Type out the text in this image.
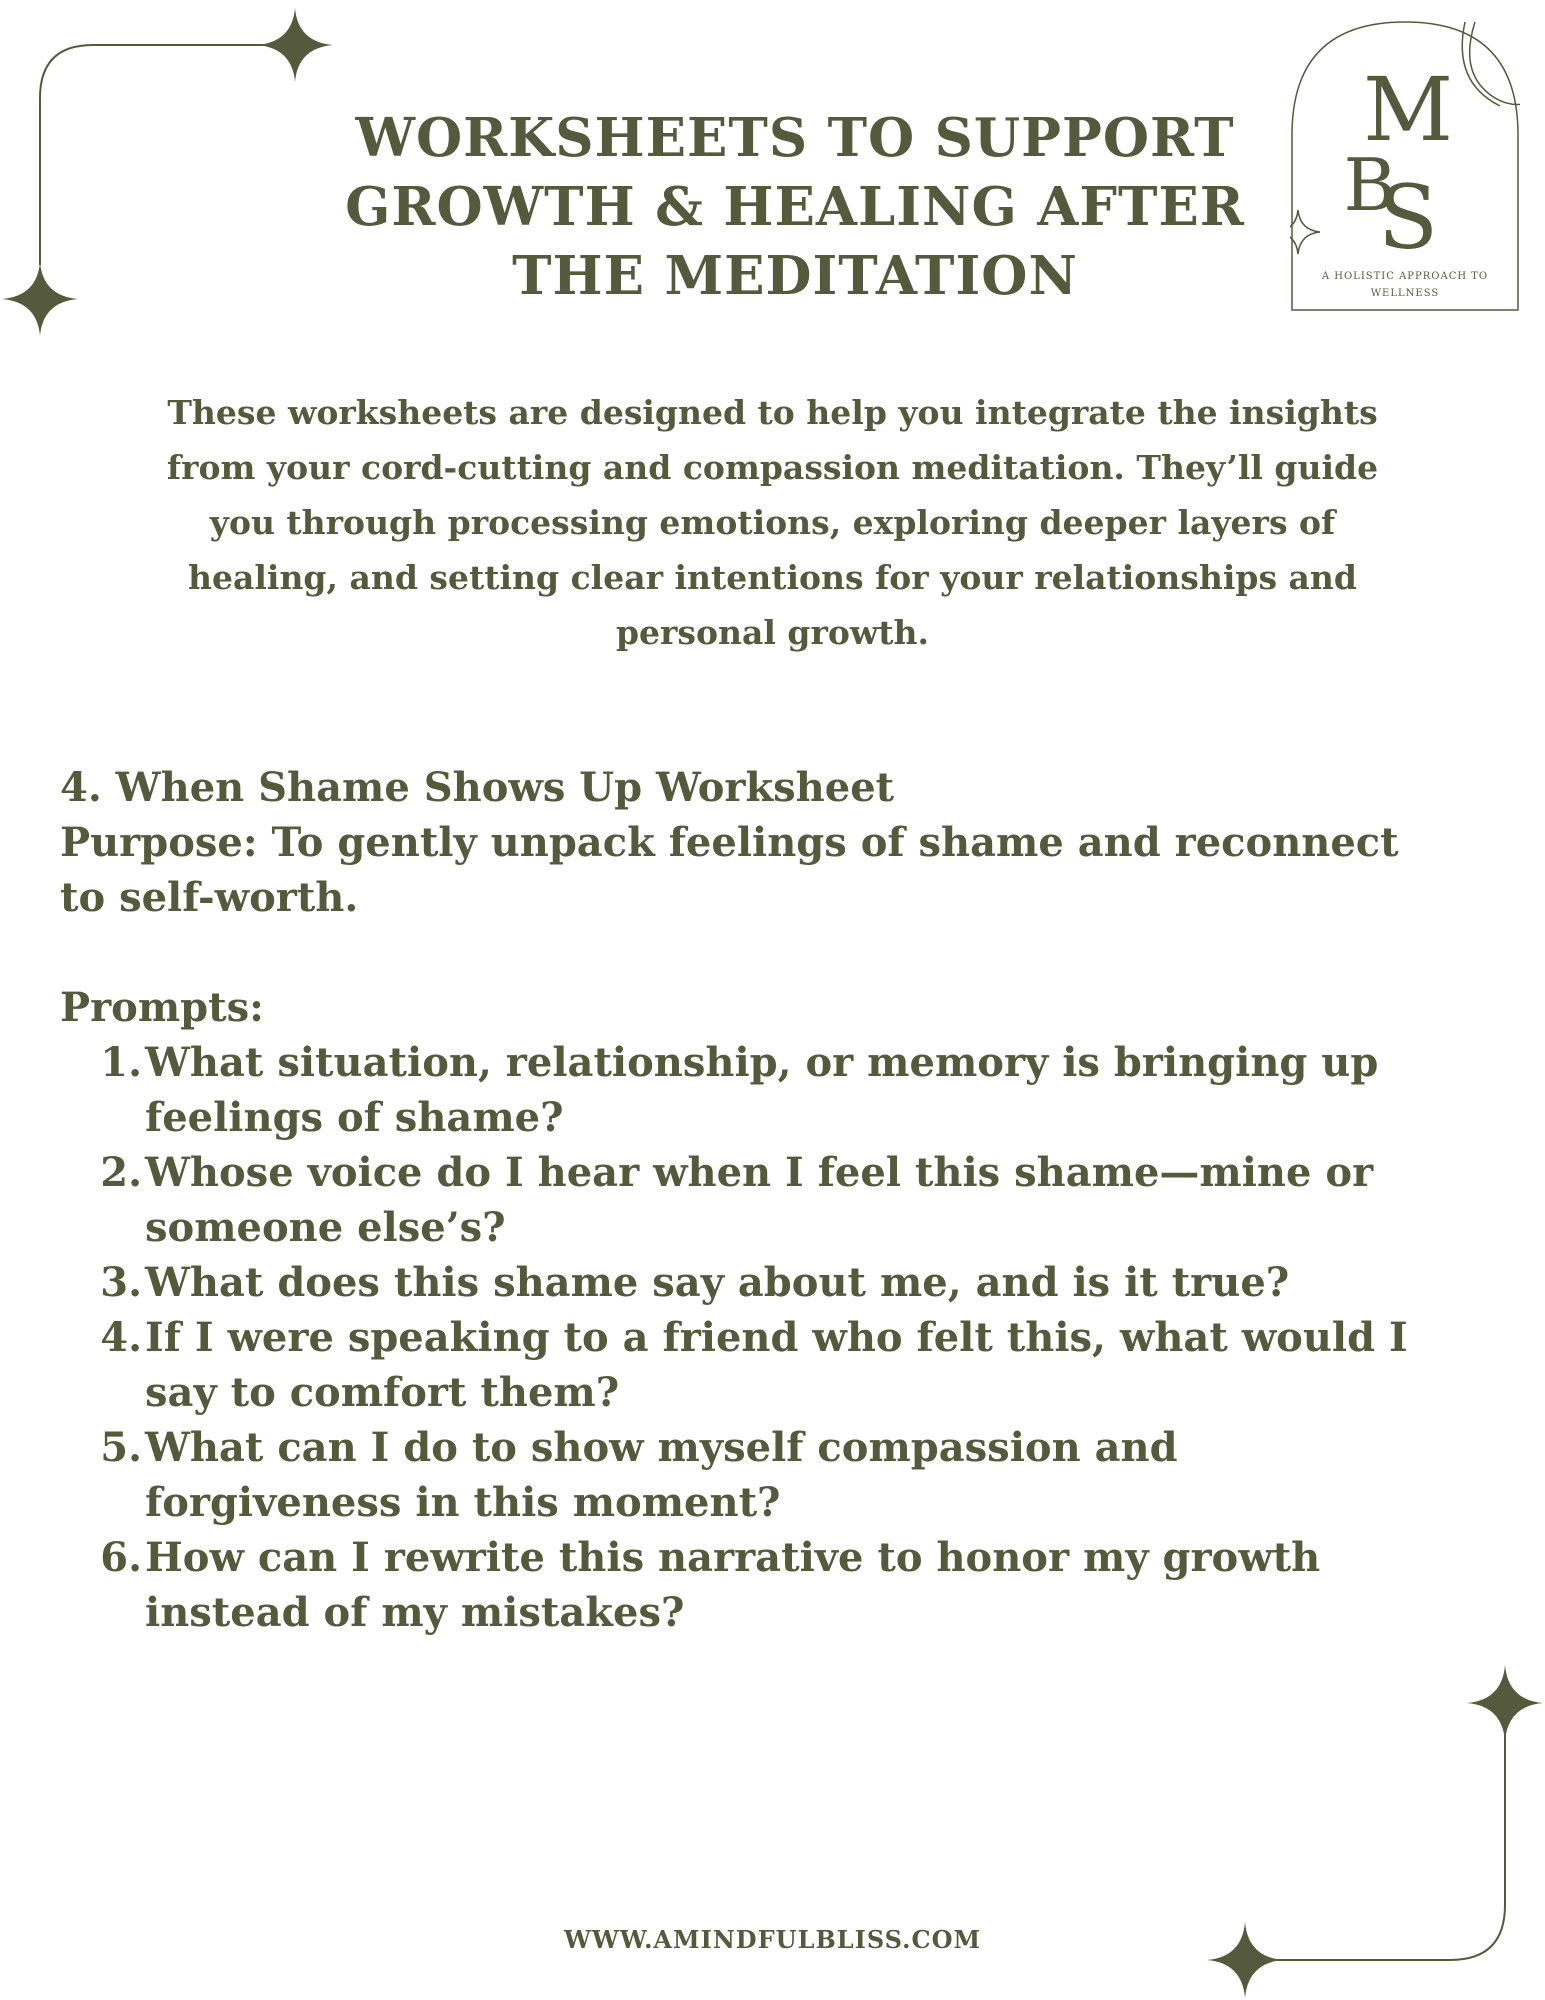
M
B
S

A HOLISTIC APPROACH TO
WELLNESS

WORKSHEETS TO SUPPORT
GROWTH & HEALING AFTER
THE MEDITATION

These worksheets are designed to help you integrate the insights
from your cord-cutting and compassion meditation. They’ll guide
you through processing emotions, exploring deeper layers of
healing, and setting clear intentions for your relationships and
personal growth.

4. When Shame Shows Up Worksheet
Purpose: To gently unpack feelings of shame and reconnect
to self-worth.
Prompts:
1. What situation, relationship, or memory is bringing up
feelings of shame?
2. Whose voice do I hear when I feel this shame—mine or
someone else’s?
3. What does this shame say about me, and is it true?
4. If I were speaking to a friend who felt this, what would I
say to comfort them?
5. What can I do to show myself compassion and
forgiveness in this moment?
6. How can I rewrite this narrative to honor my growth
instead of my mistakes?
WWW.AMINDFULBLISS.COM
